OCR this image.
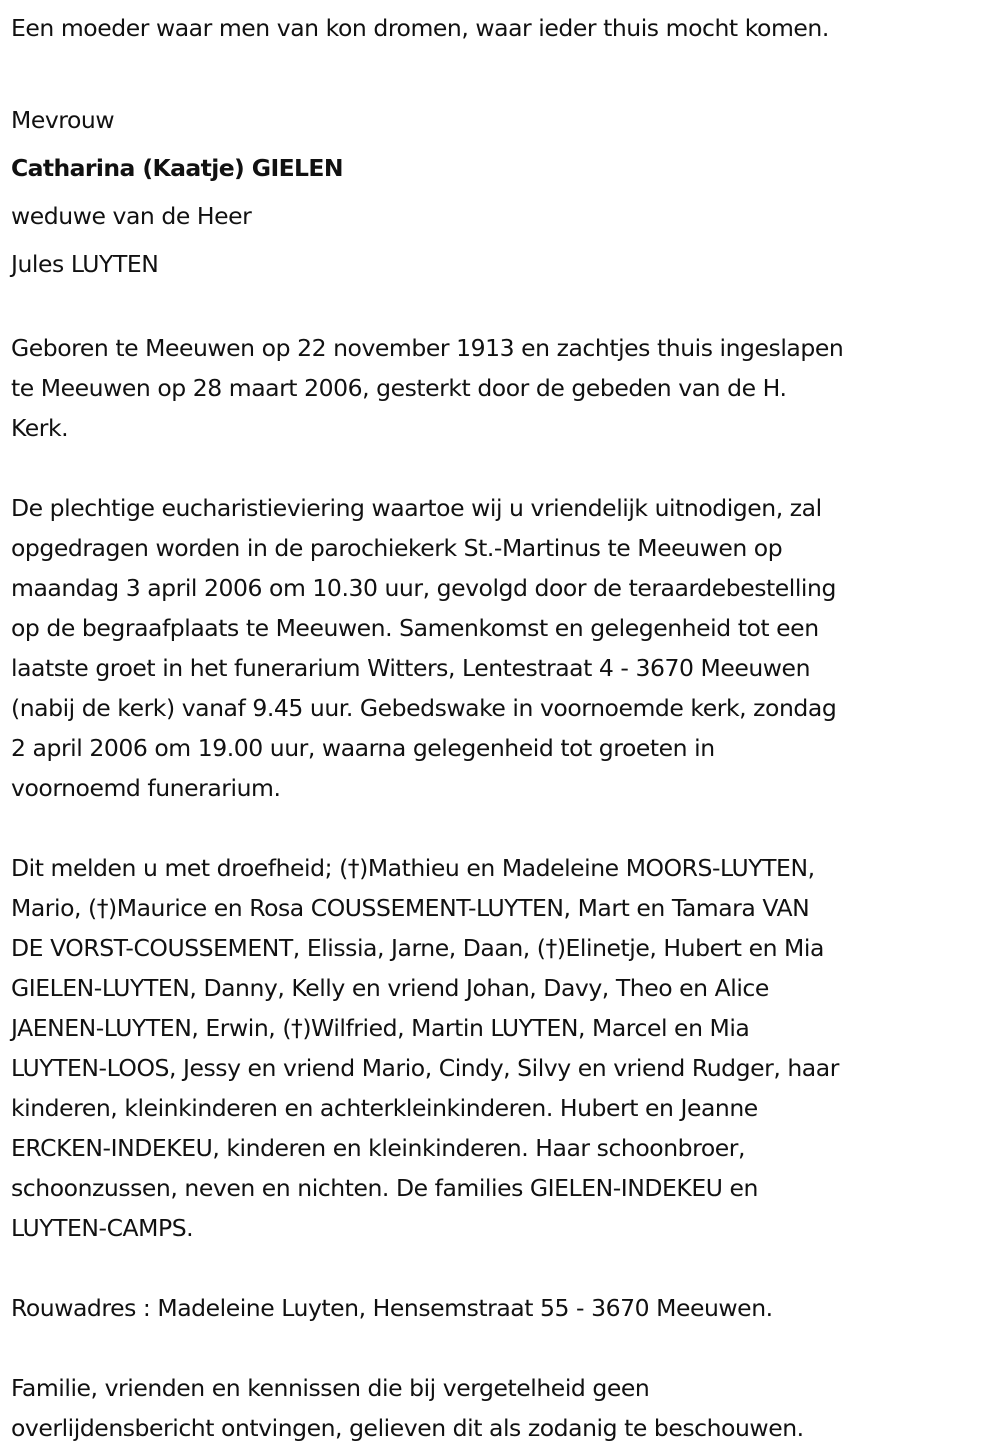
Een moeder waar men van kon dromen, waar ieder thuis mocht komen.
Mevrouw
Catharina (Kaatje) GIELEN
weduwe van de Heer
Jules LUYTEN
Geboren te Meeuwen op 22 november 1913 en zachtjes thuis ingeslapen
te Meeuwen op 28 maart 2006, gesterkt door de gebeden van de H.
Kerk.
De plechtige eucharistieviering waartoe wij u vriendelijk uitnodigen, zal
opgedragen worden in de parochiekerk St.-Martinus te Meeuwen op
maandag 3 april 2006 om 10.30 uur, gevolgd door de teraardebestelling
op de begraafplaats te Meeuwen. Samenkomst en gelegenheid tot een
laatste groet in het funerarium Witters, Lentestraat 4 - 3670 Meeuwen
(nabij de kerk) vanaf 9.45 uur. Gebedswake in voornoemde kerk, zondag
2 april 2006 om 19.00 uur, waarna gelegenheid tot groeten in
voornoemd funerarium.
Dit melden u met droefheid; (†)Mathieu en Madeleine MOORS-LUYTEN,
Mario, (†)Maurice en Rosa COUSSEMENT-LUYTEN, Mart en Tamara VAN
DE VORST-COUSSEMENT, Elissia, Jarne, Daan, (†)Elinetje, Hubert en Mia
GIELEN-LUYTEN, Danny, Kelly en vriend Johan, Davy, Theo en Alice
JAENEN-LUYTEN, Erwin, (†)Wilfried, Martin LUYTEN, Marcel en Mia
LUYTEN-LOOS, Jessy en vriend Mario, Cindy, Silvy en vriend Rudger, haar
kinderen, kleinkinderen en achterkleinkinderen. Hubert en Jeanne
ERCKEN-INDEKEU, kinderen en kleinkinderen. Haar schoonbroer,
schoonzussen, neven en nichten. De families GIELEN-INDEKEU en
LUYTEN-CAMPS.
Rouwadres : Madeleine Luyten, Hensemstraat 55 - 3670 Meeuwen.
Familie, vrienden en kennissen die bij vergetelheid geen
overlijdensbericht ontvingen, gelieven dit als zodanig te beschouwen.
